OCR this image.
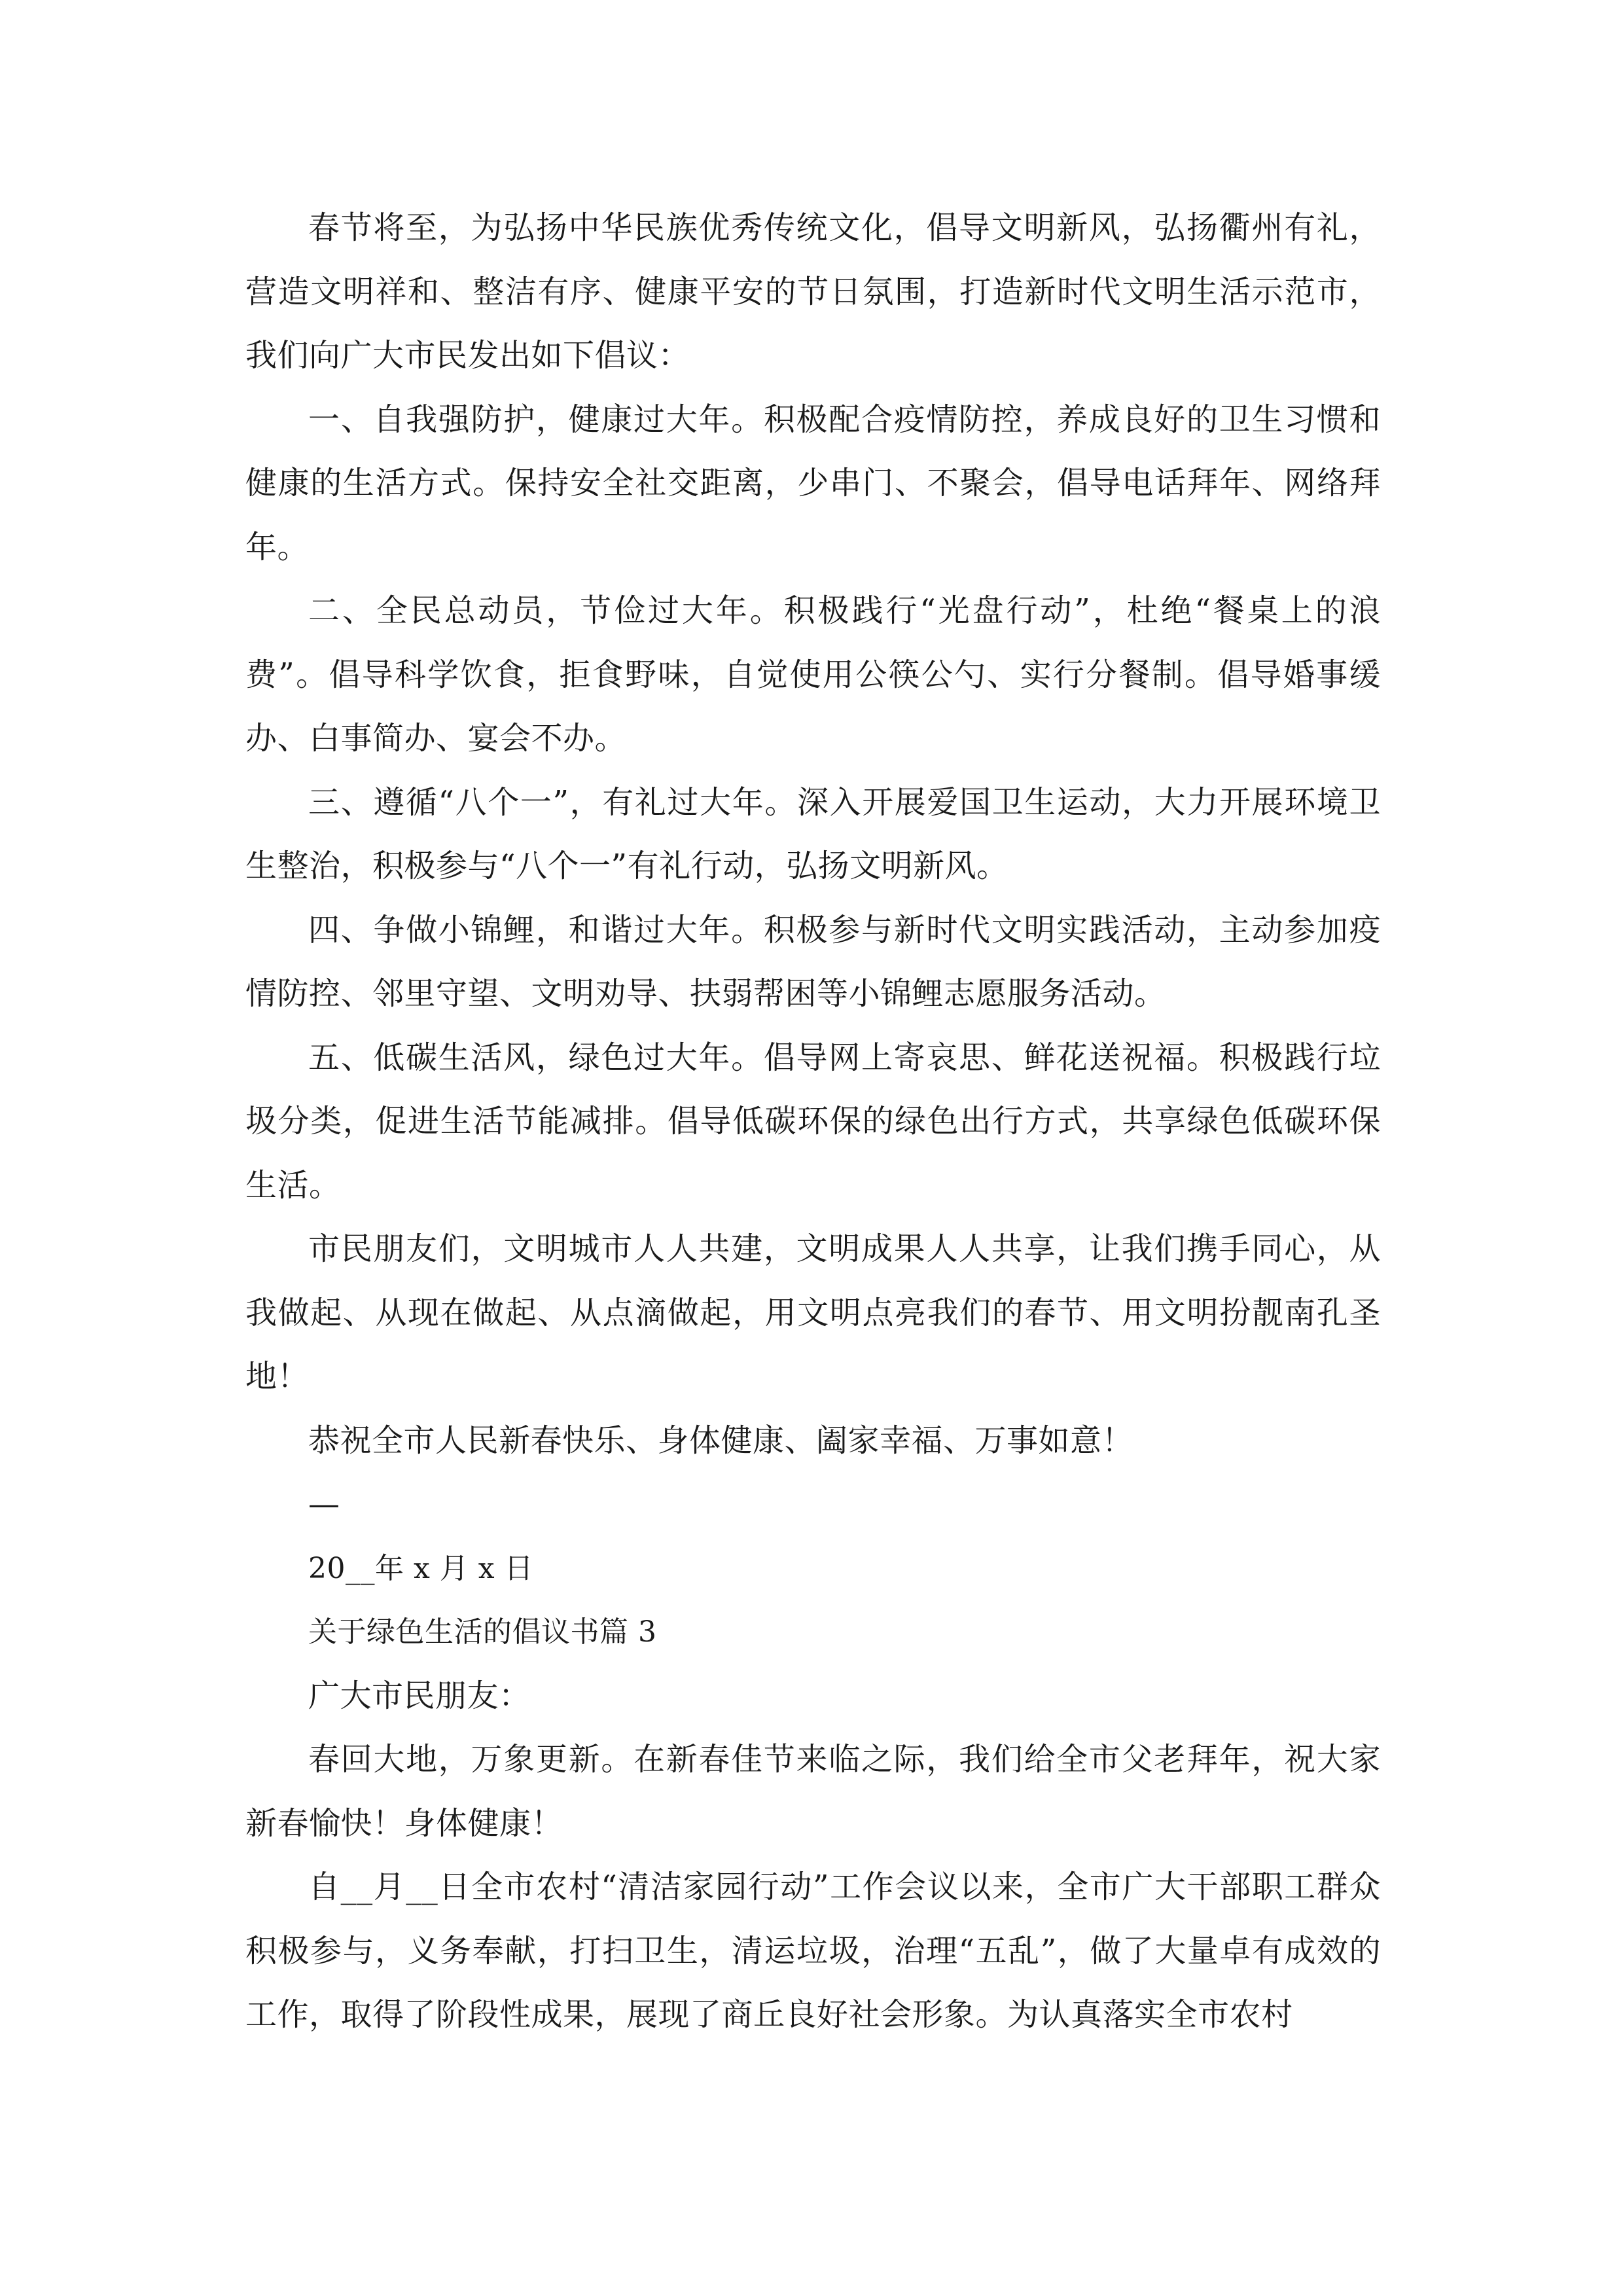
春节将至，为弘扬中华民族优秀传统文化，倡导文明新风，弘扬衢州有礼，营造文明祥和、整洁有序、健康平安的节日氛围，打造新时代文明生活示范市，我们向广大市民发出如下倡议：

一、自我强防护，健康过大年。积极配合疫情防控，养成良好的卫生习惯和健康的生活方式。保持安全社交距离，少串门、不聚会，倡导电话拜年、网络拜年。

二、全民总动员，节俭过大年。积极践行“光盘行动”，杜绝“餐桌上的浪费”。倡导科学饮食，拒食野味，自觉使用公筷公勺、实行分餐制。倡导婚事缓办、白事简办、宴会不办。

三、遵循“八个一”，有礼过大年。深入开展爱国卫生运动，大力开展环境卫生整治，积极参与“八个一”有礼行动，弘扬文明新风。

四、争做小锦鲤，和谐过大年。积极参与新时代文明实践活动，主动参加疫情防控、邻里守望、文明劝导、扶弱帮困等小锦鲤志愿服务活动。

五、低碳生活风，绿色过大年。倡导网上寄哀思、鲜花送祝福。积极践行垃圾分类，促进生活节能减排。倡导低碳环保的绿色出行方式，共享绿色低碳环保生活。

市民朋友们，文明城市人人共建，文明成果人人共享，让我们携手同心，从我做起、从现在做起、从点滴做起，用文明点亮我们的春节、用文明扮靓南孔圣地！

恭祝全市人民新春快乐、身体健康、阖家幸福、万事如意！

—

20__年 x 月 x 日

关于绿色生活的倡议书篇 3

广大市民朋友：

春回大地，万象更新。在新春佳节来临之际，我们给全市父老拜年，祝大家新春愉快！身体健康！

自__月__日全市农村“清洁家园行动”工作会议以来，全市广大干部职工群众积极参与，义务奉献，打扫卫生，清运垃圾，治理“五乱”，做了大量卓有成效的工作，取得了阶段性成果，展现了商丘良好社会形象。为认真落实全市农村
